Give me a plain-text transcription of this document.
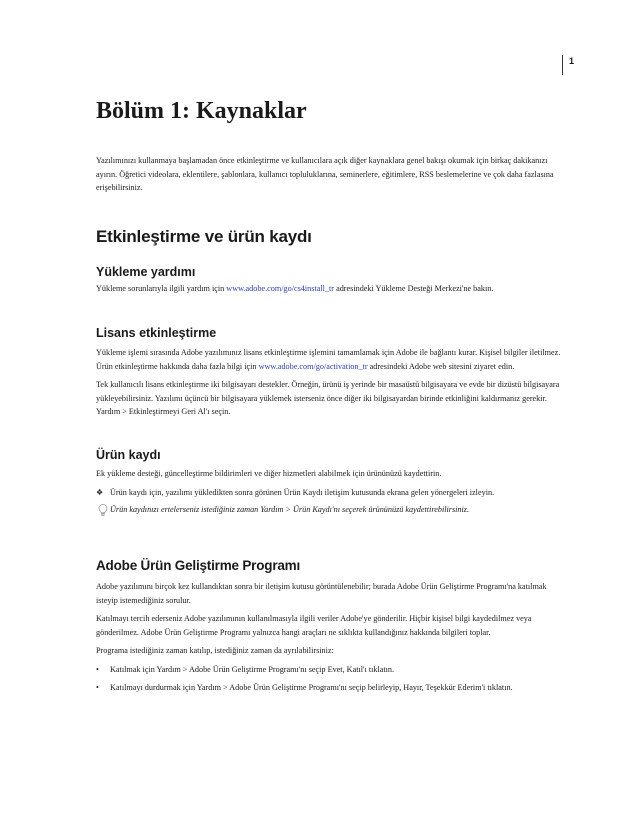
1
Bölüm 1: Kaynaklar

Yazılımınızı kullanmaya başlamadan önce etkinleştirme ve kullanıcılara açık diğer kaynaklara genel bakışı okumak için birkaç dakikanızı ayırın. Öğretici videolara, eklentilere, şablonlara, kullanıcı topluluklarına, seminerlere, eğitimlere, RSS beslemelerine ve çok daha fazlasına erişebilirsiniz.

Etkinleştirme ve ürün kaydı
Yükleme yardımı

Yükleme sorunlarıyla ilgili yardım için www.adobe.com/go/cs4install_tr adresindeki Yükleme Desteği Merkezi'ne bakın.

Lisans etkinleştirme

Yükleme işlemi sırasında Adobe yazılımınız lisans etkinleştirme işlemini tamamlamak için Adobe ile bağlantı kurar. Kişisel bilgiler iletilmez. Ürün etkinleştirme hakkında daha fazla bilgi için www.adobe.com/go/activation_tr adresindeki Adobe web sitesini ziyaret edin.

Tek kullanıcılı lisans etkinleştirme iki bilgisayarı destekler. Örneğin, ürünü iş yerinde bir masaüstü bilgisayara ve evde bir dizüstü bilgisayara yükleyebilirsiniz. Yazılımı üçüncü bir bilgisayara yüklemek isterseniz önce diğer iki bilgisayardan birinde etkinliğini kaldırmanız gerekir. Yardım > Etkinleştirmeyi Geri Al'ı seçin.

Ürün kaydı

Ek yükleme desteği, güncelleştirme bildirimleri ve diğer hizmetleri alabilmek için ürününüzü kaydettirin.

❖ Ürün kaydı için, yazılımı yükledikten sonra görünen Ürün Kaydı iletişim kutusunda ekrana gelen yönergeleri izleyin.

Ürün kaydınızı ertelerseniz istediğiniz zaman Yardım > Ürün Kaydı'nı seçerek ürününüzü kaydettirebilirsiniz.

Adobe Ürün Geliştirme Programı

Adobe yazılımını birçok kez kullandıktan sonra bir iletişim kutusu görüntülenebilir; burada Adobe Ürün Geliştirme Programı'na katılmak isteyip istemediğiniz sorulur.

Katılmayı tercih ederseniz Adobe yazılımının kullanılmasıyla ilgili veriler Adobe'ye gönderilir. Hiçbir kişisel bilgi kaydedilmez veya gönderilmez. Adobe Ürün Geliştirme Programı yalnızca hangi araçları ne sıklıkta kullandığınız hakkında bilgileri toplar.

Programa istediğiniz zaman katılıp, istediğiniz zaman da ayrılabilirsiniz:

•	Katılmak için Yardım > Adobe Ürün Geliştirme Programı'nı seçip Evet, Katıl'ı tıklatın.

•	Katılmayı durdurmak için Yardım > Adobe Ürün Geliştirme Programı'nı seçip belirleyip, Hayır, Teşekkür Ederim'i tıklatın.
